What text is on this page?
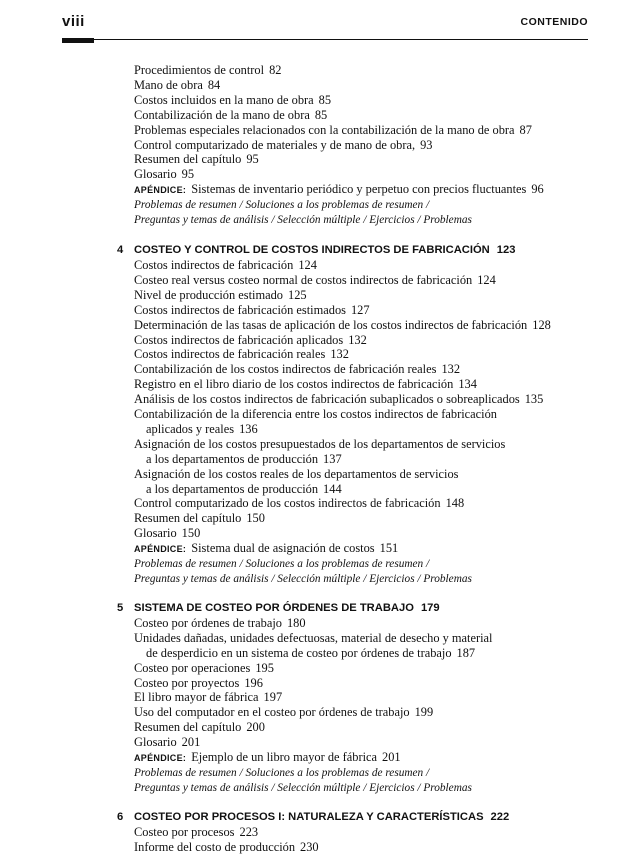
viii	CONTENIDO
Procedimientos de control 82
Mano de obra 84
Costos incluidos en la mano de obra 85
Contabilización de la mano de obra 85
Problemas especiales relacionados con la contabilización de la mano de obra 87
Control computarizado de materiales y de mano de obra, 93
Resumen del capítulo 95
Glosario 95
APÉNDICE: Sistemas de inventario periódico y perpetuo con precios fluctuantes 96
Problemas de resumen / Soluciones a los problemas de resumen /
Preguntas y temas de análisis / Selección múltiple / Ejercicios / Problemas
4 COSTEO Y CONTROL DE COSTOS INDIRECTOS DE FABRICACIÓN 123
Costos indirectos de fabricación 124
Costeo real versus costeo normal de costos indirectos de fabricación 124
Nivel de producción estimado 125
Costos indirectos de fabricación estimados 127
Determinación de las tasas de aplicación de los costos indirectos de fabricación 128
Costos indirectos de fabricación aplicados 132
Costos indirectos de fabricación reales 132
Contabilización de los costos indirectos de fabricación reales 132
Registro en el libro diario de los costos indirectos de fabricación 134
Análisis de los costos indirectos de fabricación subaplicados o sobreaplicados 135
Contabilización de la diferencia entre los costos indirectos de fabricación
aplicados y reales 136
Asignación de los costos presupuestados de los departamentos de servicios
a los departamentos de producción 137
Asignación de los costos reales de los departamentos de servicios
a los departamentos de producción 144
Control computarizado de los costos indirectos de fabricación 148
Resumen del capítulo 150
Glosario 150
APÉNDICE: Sistema dual de asignación de costos 151
Problemas de resumen / Soluciones a los problemas de resumen /
Preguntas y temas de análisis / Selección múltiple / Ejercicios / Problemas
5 SISTEMA DE COSTEO POR ÓRDENES DE TRABAJO 179
Costeo por órdenes de trabajo 180
Unidades dañadas, unidades defectuosas, material de desecho y material
de desperdicio en un sistema de costeo por órdenes de trabajo 187
Costeo por operaciones 195
Costeo por proyectos 196
El libro mayor de fábrica 197
Uso del computador en el costeo por órdenes de trabajo 199
Resumen del capítulo 200
Glosario 201
APÉNDICE: Ejemplo de un libro mayor de fábrica 201
Problemas de resumen / Soluciones a los problemas de resumen /
Preguntas y temas de análisis / Selección múltiple / Ejercicios / Problemas
6 COSTEO POR PROCESOS I: NATURALEZA Y CARACTERÍSTICAS 222
Costeo por procesos 223
Informe del costo de producción 230
